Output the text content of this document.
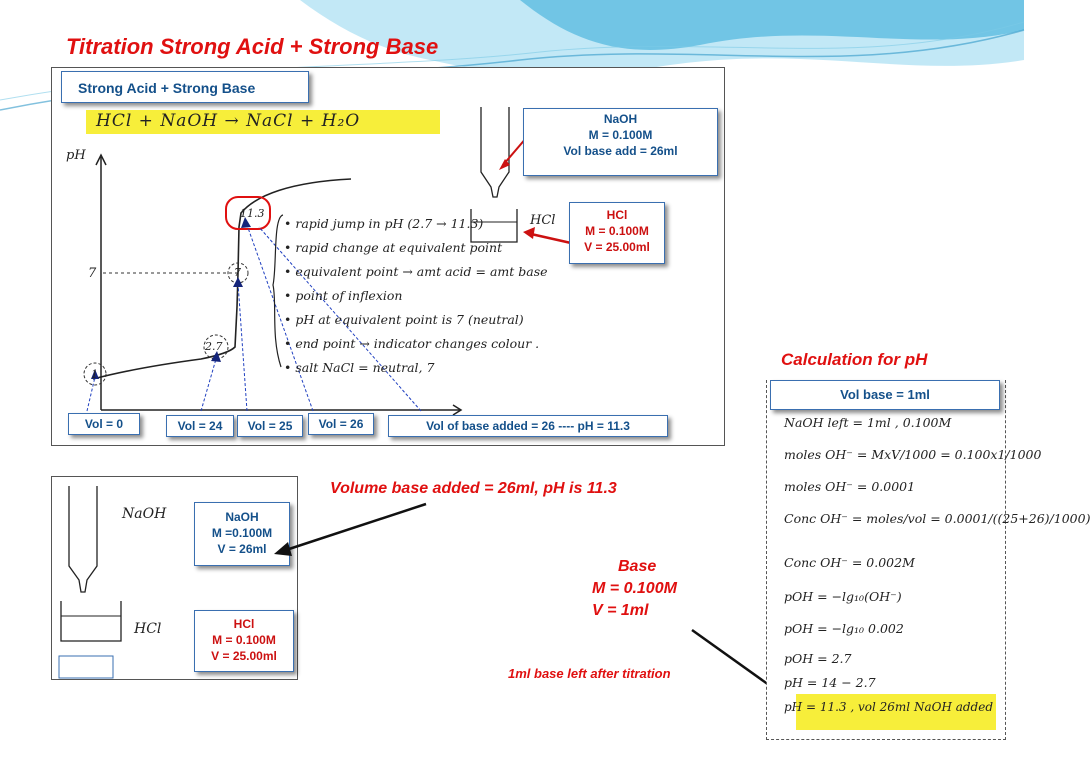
Titration Strong Acid + Strong Base
Strong Acid + Strong Base
HCl + NaOH → NaCl + H₂O
pH
7
1
2.7
7
11.3
• rapid jump in pH (2.7 → 11.3)
• rapid change at equivalent point
• equivalent point → amt acid = amt base
• point of inflexion
• pH at equivalent point is 7 (neutral)
• end point → indicator changes colour .
• salt NaCl = neutral, 7
HCl
NaOH
M = 0.100M
Vol base add = 26ml
HCl
M = 0.100M
V = 25.00ml
Vol = 0	Vol = 24	Vol = 25	Vol = 26	Vol of base added = 26 ---- pH = 11.3
NaOH
HCl
NaOH
M =0.100M
V = 26ml
HCl
M = 0.100M
V = 25.00ml
Volume base added = 26ml, pH is 11.3
Base
M = 0.100M
V = 1ml
1ml base left after titration
Calculation for pH
Vol base = 1ml
NaOH left = 1ml , 0.100M
moles OH⁻ = MxV/1000 = 0.100x1/1000
moles OH⁻ = 0.0001
Conc OH⁻ = moles/vol = 0.0001/((25+26)/1000)
Conc OH⁻ = 0.002M
pOH = −lg₁₀(OH⁻)
pOH = −lg₁₀ 0.002
pOH = 2.7
pH = 14 − 2.7
pH = 11.3 , vol 26ml NaOH added
